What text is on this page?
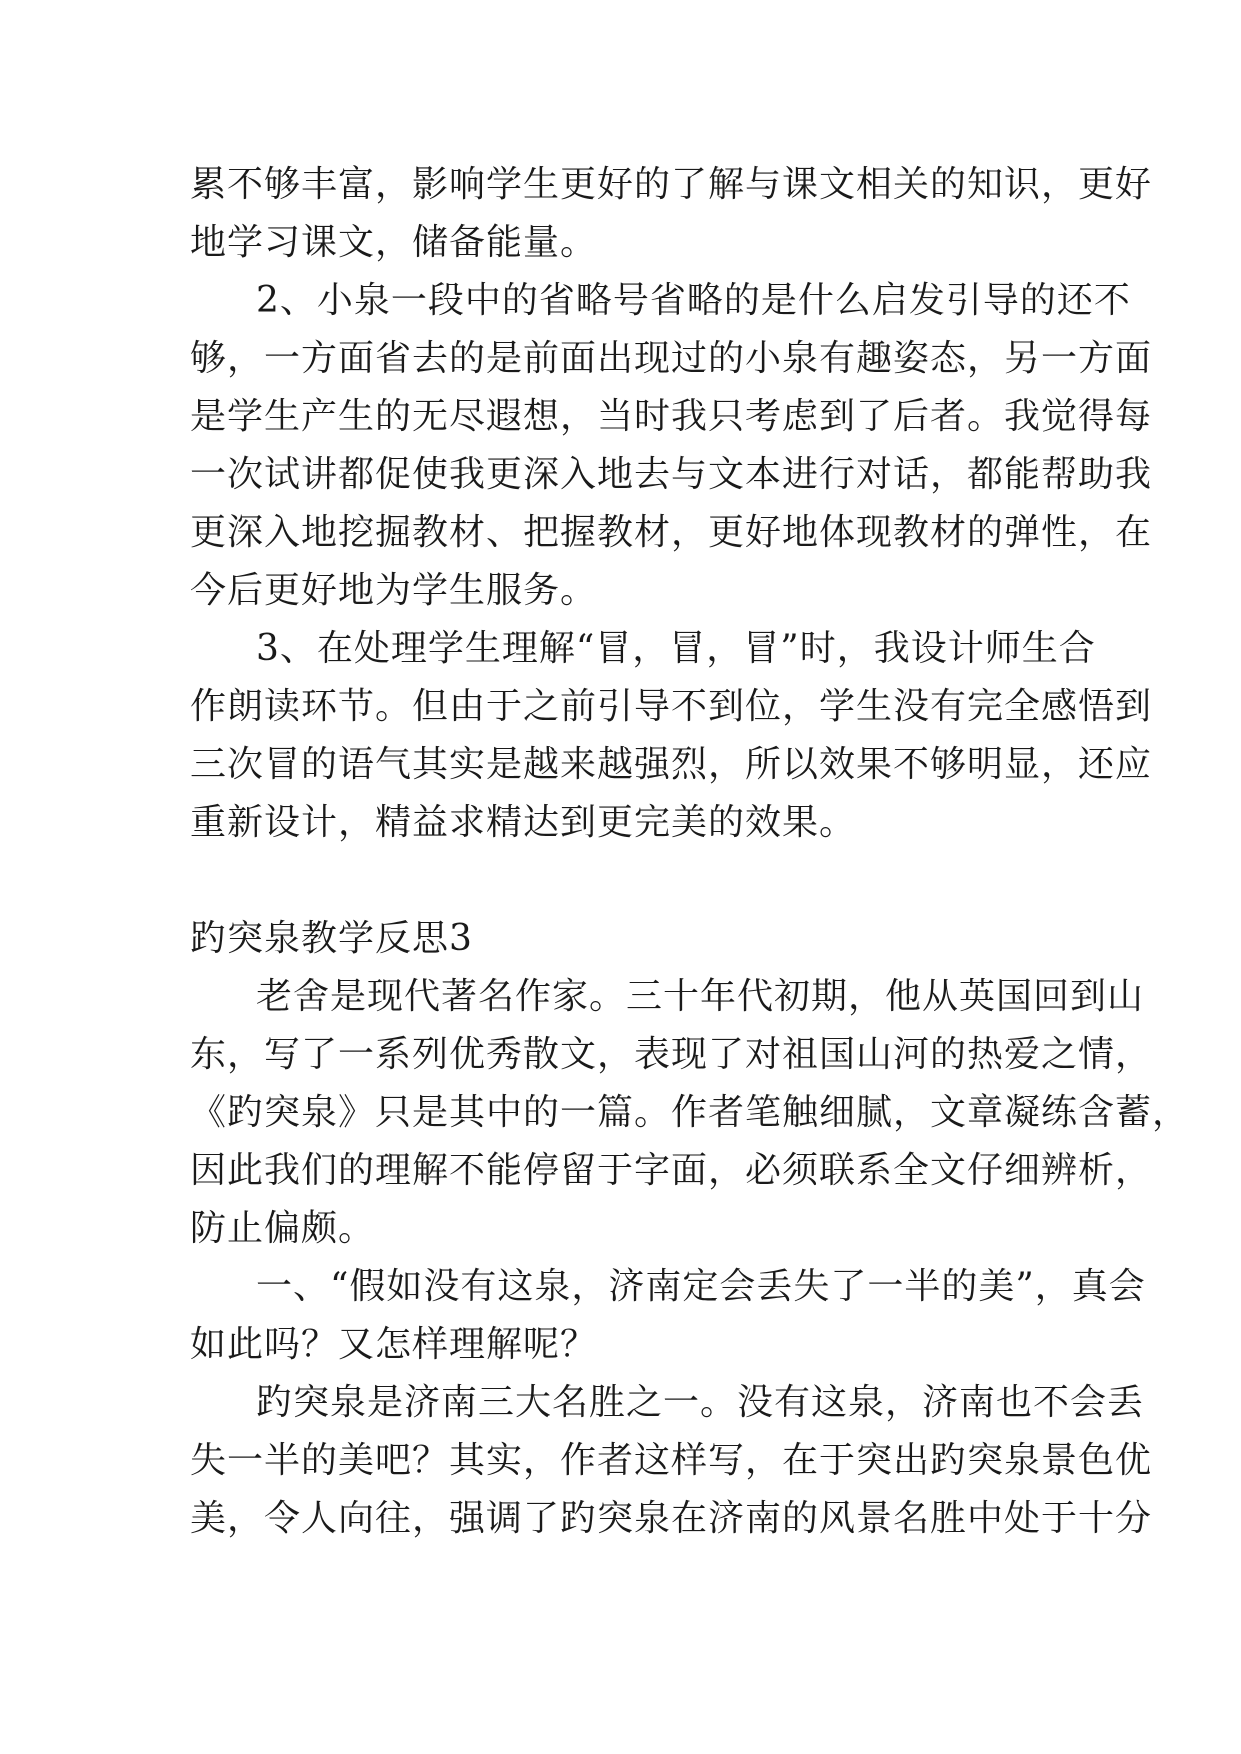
累不够丰富，影响学生更好的了解与课文相关的知识，更好
地学习课文，储备能量。
2、小泉一段中的省略号省略的是什么启发引导的还不
够，一方面省去的是前面出现过的小泉有趣姿态，另一方面
是学生产生的无尽遐想，当时我只考虑到了后者。我觉得每
一次试讲都促使我更深入地去与文本进行对话，都能帮助我
更深入地挖掘教材、把握教材，更好地体现教材的弹性，在
今后更好地为学生服务。
3、在处理学生理解“冒，冒，冒”时，我设计师生合
作朗读环节。但由于之前引导不到位，学生没有完全感悟到
三次冒的语气其实是越来越强烈，所以效果不够明显，还应
重新设计，精益求精达到更完美的效果。
趵突泉教学反思3
老舍是现代著名作家。三十年代初期，他从英国回到山
东，写了一系列优秀散文，表现了对祖国山河的热爱之情，
《趵突泉》只是其中的一篇。作者笔触细腻，文章凝练含蓄，
因此我们的理解不能停留于字面，必须联系全文仔细辨析，
防止偏颇。
一、“假如没有这泉，济南定会丢失了一半的美”，真会
如此吗？又怎样理解呢？
趵突泉是济南三大名胜之一。没有这泉，济南也不会丢
失一半的美吧？其实，作者这样写，在于突出趵突泉景色优
美，令人向往，强调了趵突泉在济南的风景名胜中处于十分
